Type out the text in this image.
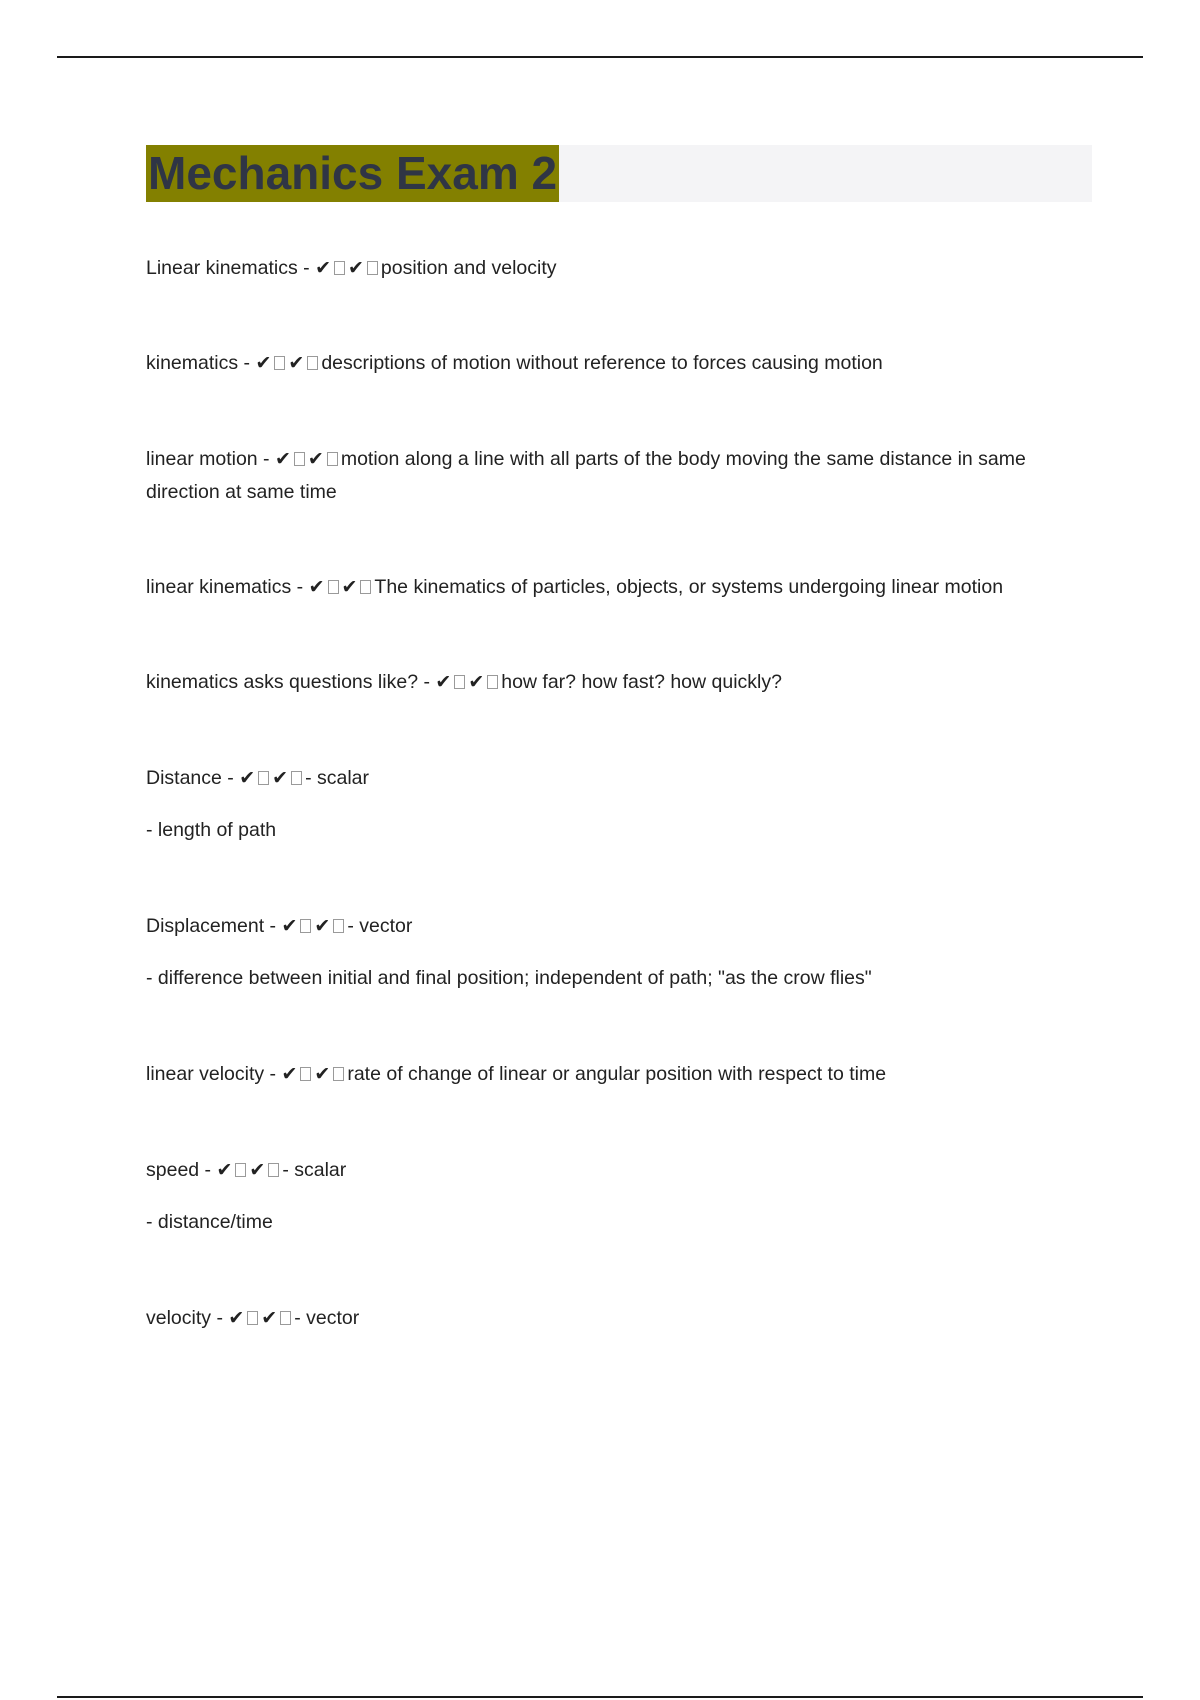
Mechanics Exam 2

Linear kinematics - ✔ ✔ position and velocity

kinematics - ✔ ✔ descriptions of motion without reference to forces causing motion

linear motion - ✔ ✔ motion along a line with all parts of the body moving the same distance in same direction at same time

linear kinematics - ✔ ✔ The kinematics of particles, objects, or systems undergoing linear motion

kinematics asks questions like? - ✔ ✔ how far? how fast? how quickly?

Distance - ✔ ✔ - scalar

- length of path

Displacement - ✔ ✔ - vector

- difference between initial and final position; independent of path; "as the crow flies"

linear velocity - ✔ ✔ rate of change of linear or angular position with respect to time

speed - ✔ ✔ - scalar

- distance/time

velocity - ✔ ✔ - vector
